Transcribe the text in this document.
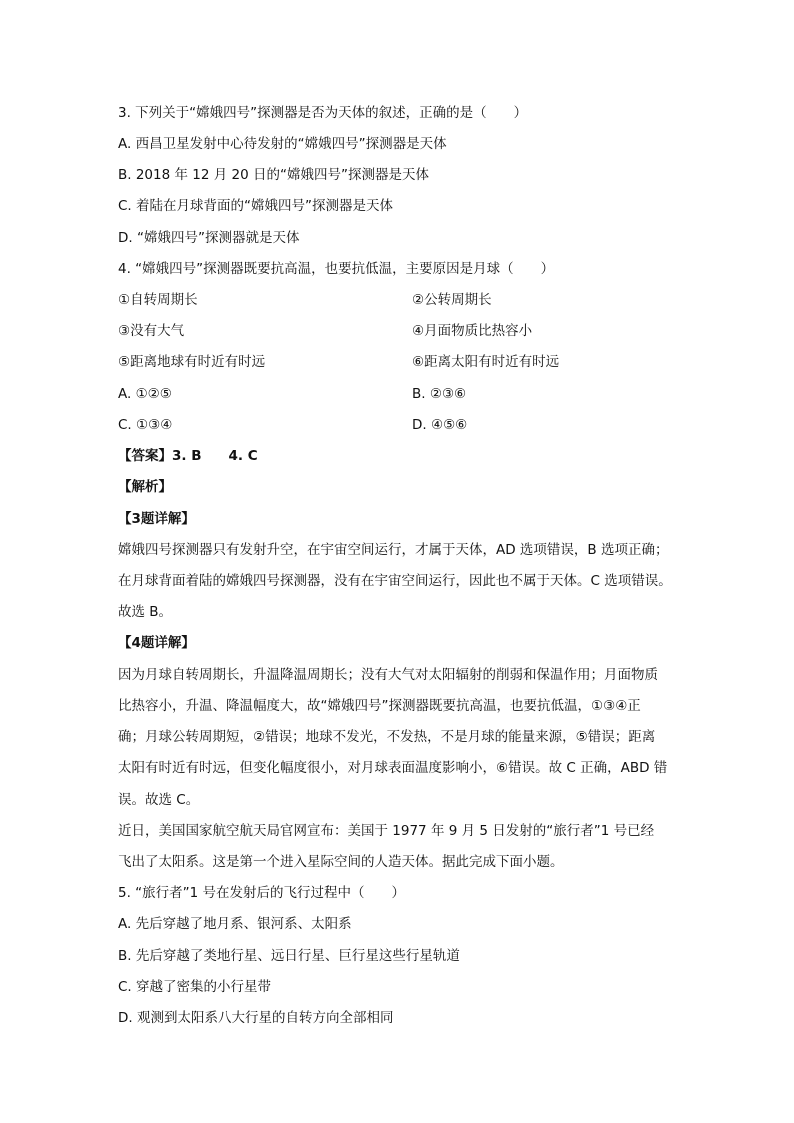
3. 下列关于“嫦娥四号”探测器是否为天体的叙述，正确的是（　　）
A. 西昌卫星发射中心待发射的“嫦娥四号”探测器是天体
B. 2018 年 12 月 20 日的“嫦娥四号”探测器是天体
C. 着陆在月球背面的“嫦娥四号”探测器是天体
D. “嫦娥四号”探测器就是天体
4. “嫦娥四号”探测器既要抗高温，也要抗低温，主要原因是月球（　　）
①自转周期长	②公转周期长
③没有大气	④月面物质比热容小
⑤距离地球有时近有时远	⑥距离太阳有时近有时远
A. ①②⑤	B. ②③⑥
C. ①③④	D. ④⑤⑥
【答案】3. B　　4. C
【解析】
【3题详解】
嫦娥四号探测器只有发射升空，在宇宙空间运行，才属于天体，AD 选项错误，B 选项正确；
在月球背面着陆的嫦娥四号探测器，没有在宇宙空间运行，因此也不属于天体。C 选项错误。
故选 B。
【4题详解】
因为月球自转周期长，升温降温周期长；没有大气对太阳辐射的削弱和保温作用；月面物质
比热容小，升温、降温幅度大，故“嫦娥四号”探测器既要抗高温，也要抗低温，①③④正
确；月球公转周期短，②错误；地球不发光，不发热，不是月球的能量来源，⑤错误；距离
太阳有时近有时远，但变化幅度很小，对月球表面温度影响小，⑥错误。故 C 正确，ABD 错
误。故选 C。
近日，美国国家航空航天局官网宣布：美国于 1977 年 9 月 5 日发射的“旅行者”1 号已经
飞出了太阳系。这是第一个进入星际空间的人造天体。据此完成下面小题。
5. “旅行者”1 号在发射后的飞行过程中（　　）
A. 先后穿越了地月系、银河系、太阳系
B. 先后穿越了类地行星、远日行星、巨行星这些行星轨道
C. 穿越了密集的小行星带
D. 观测到太阳系八大行星的自转方向全部相同
